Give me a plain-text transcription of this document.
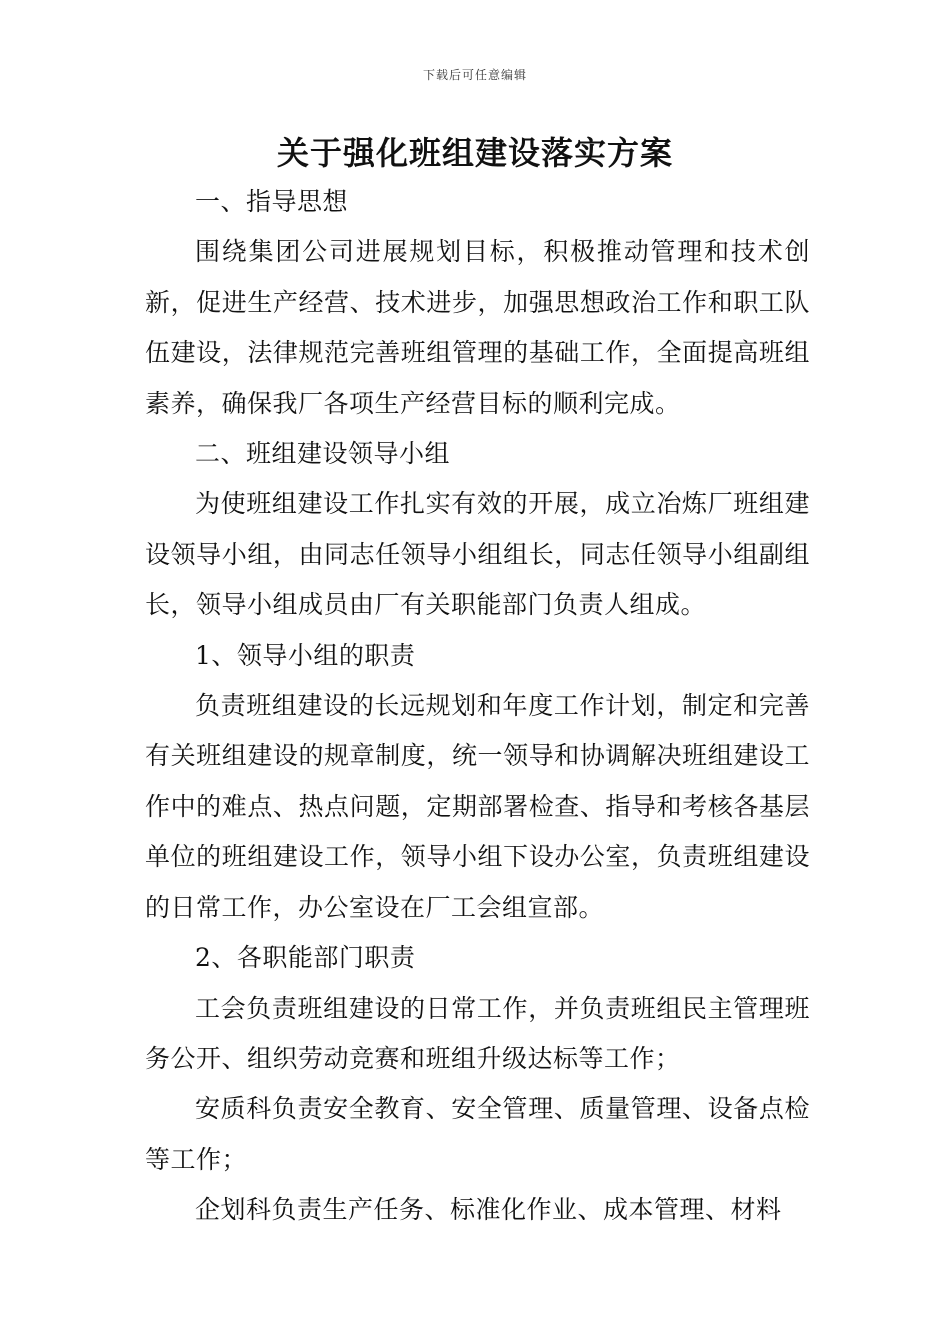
下载后可任意编辑
关于强化班组建设落实方案

一、指导思想

围绕集团公司进展规划目标，积极推动管理和技术创新，促进生产经营、技术进步，加强思想政治工作和职工队伍建设，法律规范完善班组管理的基础工作，全面提高班组素养，确保我厂各项生产经营目标的顺利完成。

二、班组建设领导小组

为使班组建设工作扎实有效的开展，成立冶炼厂班组建设领导小组，由同志任领导小组组长，同志任领导小组副组长，领导小组成员由厂有关职能部门负责人组成。

1、领导小组的职责

负责班组建设的长远规划和年度工作计划，制定和完善有关班组建设的规章制度，统一领导和协调解决班组建设工作中的难点、热点问题，定期部署检查、指导和考核各基层单位的班组建设工作，领导小组下设办公室，负责班组建设的日常工作，办公室设在厂工会组宣部。

2、各职能部门职责

工会负责班组建设的日常工作，并负责班组民主管理班务公开、组织劳动竞赛和班组升级达标等工作；

安质科负责安全教育、安全管理、质量管理、设备点检等工作；

企划科负责生产任务、标准化作业、成本管理、材料
